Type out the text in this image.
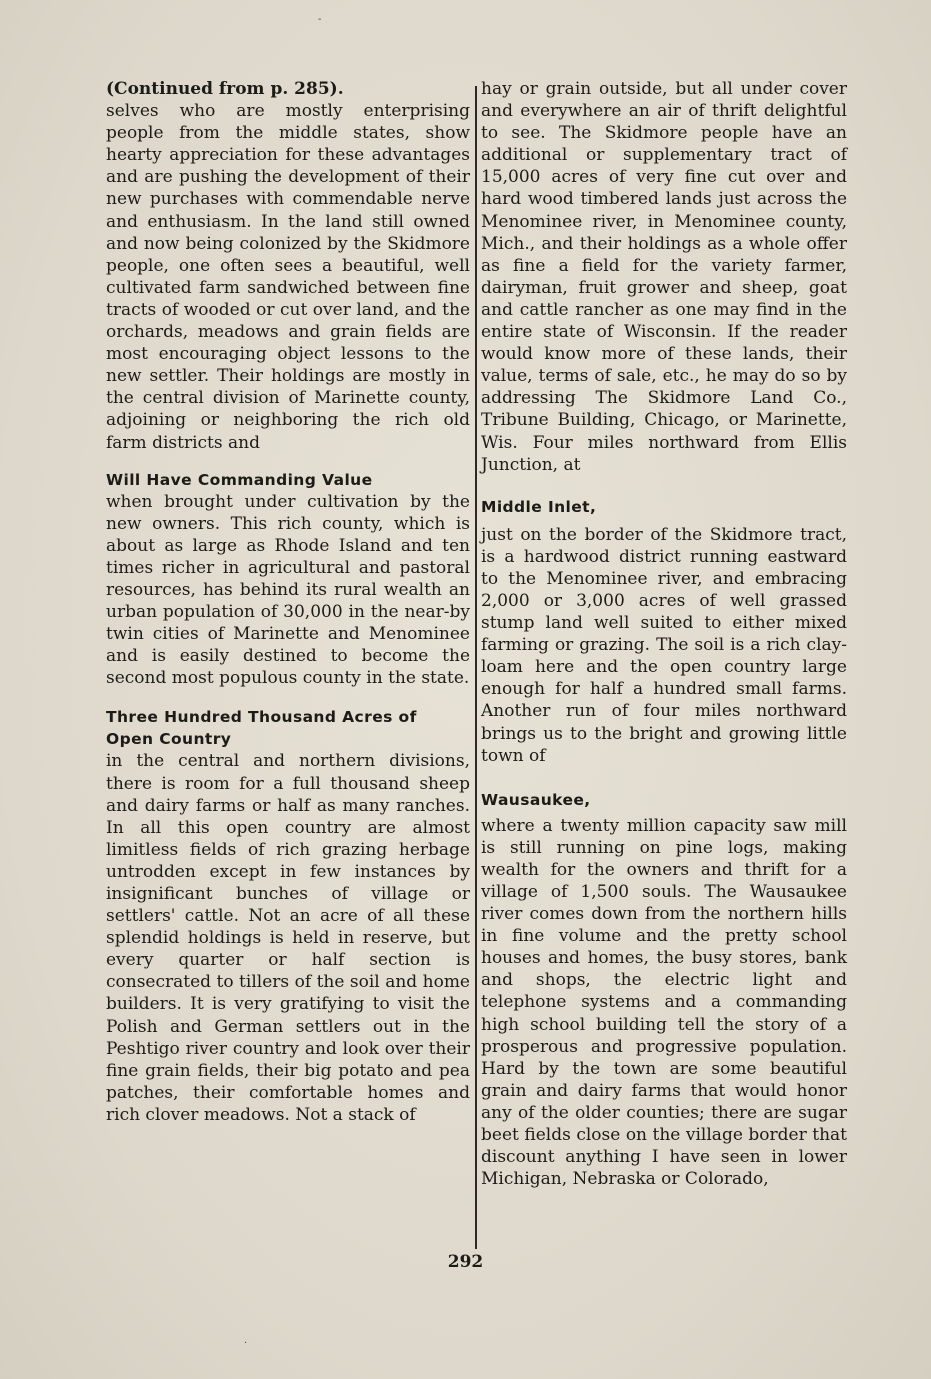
-

(Continued from p. 285).

selves who are mostly enterprising people from the middle states, show hearty appreciation for these advantages and are pushing the development of their new purchases with commendable nerve and enthusiasm. In the land still owned and now being colonized by the Skidmore people, one often sees a beautiful, well cultivated farm sandwiched between fine tracts of wooded or cut over land, and the orchards, meadows and grain fields are most encouraging object lessons to the new settler. Their holdings are mostly in the central division of Marinette county, adjoining or neighboring the rich old farm districts and

Will Have Commanding Value

when brought under cultivation by the new owners. This rich county, which is about as large as Rhode Island and ten times richer in agricultural and pastoral resources, has behind its rural wealth an urban population of 30,000 in the near-by twin cities of Marinette and Menominee and is easily destined to become the second most populous county in the state.

Three Hundred Thousand Acres of
Open Country

in the central and northern divisions, there is room for a full thousand sheep and dairy farms or half as many ranches. In all this open country are almost limitless fields of rich grazing herbage untrodden except in few instances by insignificant bunches of village or settlers' cattle. Not an acre of all these splendid holdings is held in reserve, but every quarter or half section is consecrated to tillers of the soil and home builders. It is very gratifying to visit the Polish and German settlers out in the Peshtigo river country and look over their fine grain fields, their big potato and pea patches, their comfortable homes and rich clover meadows. Not a stack of

hay or grain outside, but all under cover and everywhere an air of thrift delightful to see. The Skidmore people have an additional or supplementary tract of 15,000 acres of very fine cut over and hard wood timbered lands just across the Menominee river, in Menominee county, Mich., and their holdings as a whole offer as fine a field for the variety farmer, dairyman, fruit grower and sheep, goat and cattle rancher as one may find in the entire state of Wisconsin. If the reader would know more of these lands, their value, terms of sale, etc., he may do so by addressing The Skidmore Land Co., Tribune Building, Chicago, or Marinette, Wis. Four miles northward from Ellis Junction, at

Middle Inlet,

just on the border of the Skidmore tract, is a hardwood district running eastward to the Menominee river, and embracing 2,000 or 3,000 acres of well grassed stump land well suited to either mixed farming or grazing. The soil is a rich clay-loam here and the open country large enough for half a hundred small farms. Another run of four miles northward brings us to the bright and growing little town of

Wausaukee,

where a twenty million capacity saw mill is still running on pine logs, making wealth for the owners and thrift for a village of 1,500 souls. The Wausaukee river comes down from the northern hills in fine volume and the pretty school houses and homes, the busy stores, bank and shops, the electric light and telephone systems and a commanding high school building tell the story of a prosperous and progressive population. Hard by the town are some beautiful grain and dairy farms that would honor any of the older counties; there are sugar beet fields close on the village border that discount anything I have seen in lower Michigan, Nebraska or Colorado,

292
·
